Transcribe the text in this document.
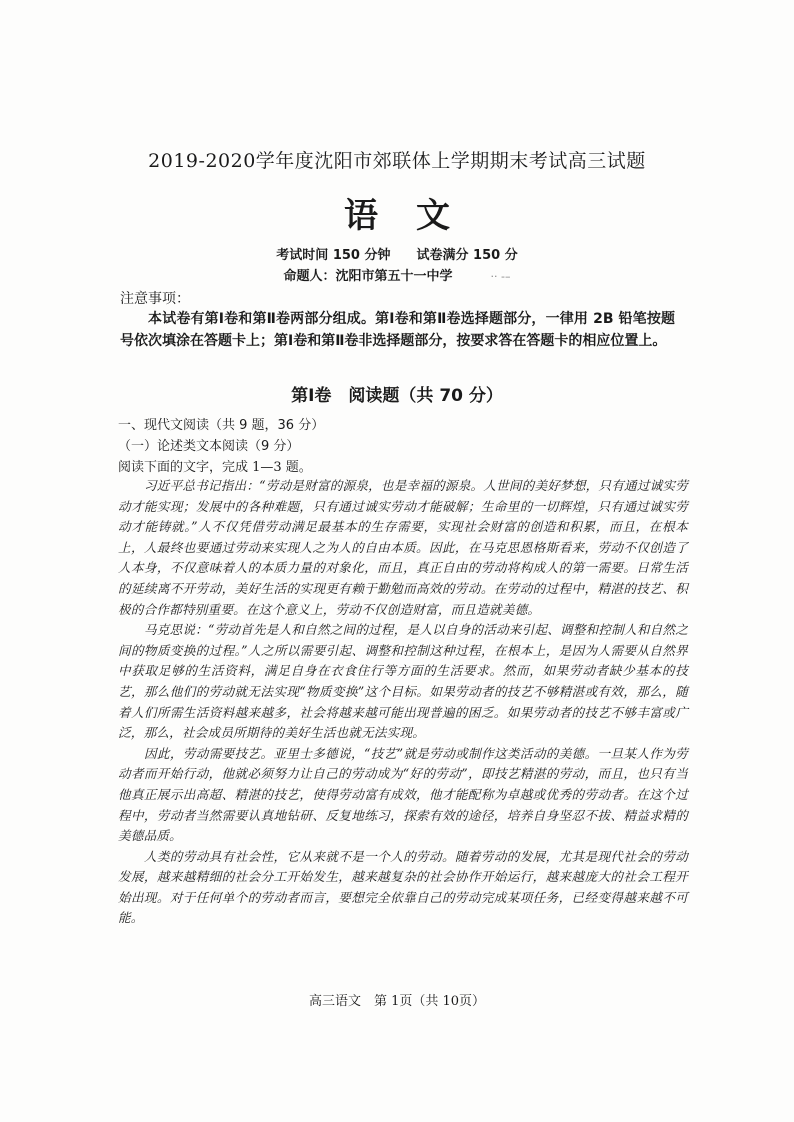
2019-2020学年度沈阳市郊联体上学期期末考试高三试题
语文
考试时间 150 分钟 试卷满分 150 分
命题人：沈阳市第五十一中学	·· -–
注意事项：
本试卷有第Ⅰ卷和第Ⅱ卷两部分组成。第Ⅰ卷和第Ⅱ卷选择题部分，一律用 2B 铅笔按题号依次填涂在答题卡上；第Ⅰ卷和第Ⅱ卷非选择题部分，按要求答在答题卡的相应位置上。
第Ⅰ卷　阅读题（共 70 分）
一、现代文阅读（共 9 题，36 分）
（一）论述类文本阅读（9 分）
阅读下面的文字，完成 1—3 题。

习近平总书记指出：“劳动是财富的源泉，也是幸福的源泉。人世间的美好梦想，只有通过诚实劳动才能实现；发展中的各种难题，只有通过诚实劳动才能破解；生命里的一切辉煌，只有通过诚实劳动才能铸就。”人不仅凭借劳动满足最基本的生存需要，实现社会财富的创造和积累，而且，在根本上，人最终也要通过劳动来实现人之为人的自由本质。因此，在马克思恩格斯看来，劳动不仅创造了人本身，不仅意味着人的本质力量的对象化，而且，真正自由的劳动将构成人的第一需要。日常生活的延续离不开劳动，美好生活的实现更有赖于勤勉而高效的劳动。在劳动的过程中，精湛的技艺、积极的合作都特别重要。在这个意义上，劳动不仅创造财富，而且造就美德。

马克思说：“劳动首先是人和自然之间的过程，是人以自身的活动来引起、调整和控制人和自然之间的物质变换的过程。”人之所以需要引起、调整和控制这种过程，在根本上，是因为人需要从自然界中获取足够的生活资料，满足自身在衣食住行等方面的生活要求。然而，如果劳动者缺少基本的技艺，那么他们的劳动就无法实现“物质变换”这个目标。如果劳动者的技艺不够精湛或有效，那么，随着人们所需生活资料越来越多，社会将越来越可能出现普遍的困乏。如果劳动者的技艺不够丰富或广泛，那么，社会成员所期待的美好生活也就无法实现。

因此，劳动需要技艺。亚里士多德说，“技艺”就是劳动或制作这类活动的美德。一旦某人作为劳动者而开始行动，他就必须努力让自己的劳动成为“好的劳动”，即技艺精湛的劳动，而且，也只有当他真正展示出高超、精湛的技艺，使得劳动富有成效，他才能配称为卓越或优秀的劳动者。在这个过程中，劳动者当然需要认真地钻研、反复地练习，探索有效的途径，培养自身坚忍不拔、精益求精的美德品质。

人类的劳动具有社会性，它从来就不是一个人的劳动。随着劳动的发展，尤其是现代社会的劳动发展，越来越精细的社会分工开始发生，越来越复杂的社会协作开始运行，越来越庞大的社会工程开始出现。对于任何单个的劳动者而言，要想完全依靠自己的劳动完成某项任务，已经变得越来越不可能。

高三语文　第 1页（共 10页）
